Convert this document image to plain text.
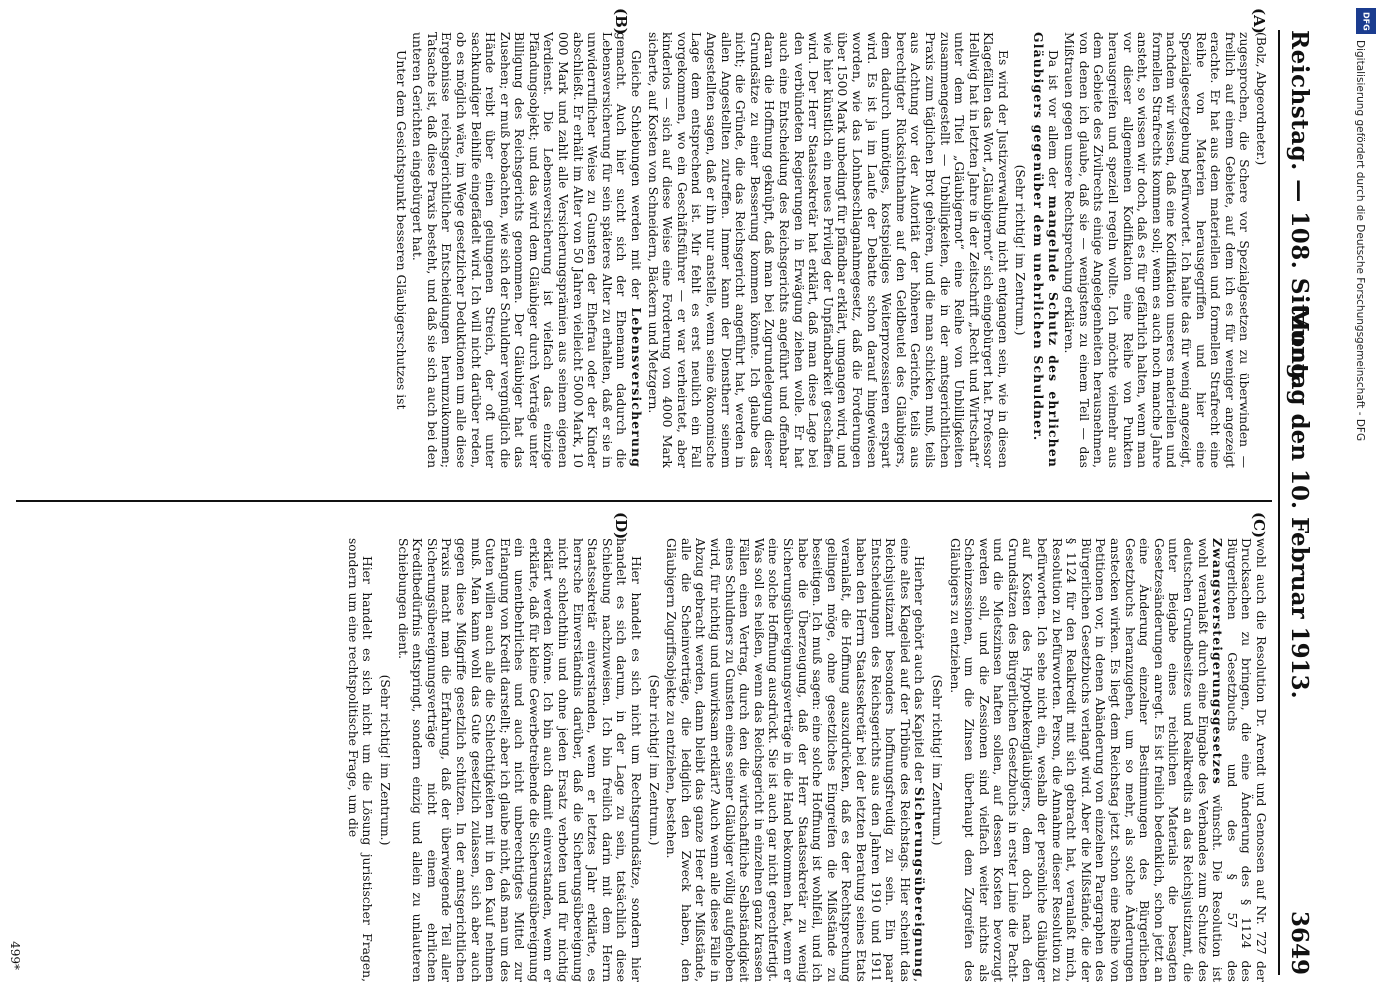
Reichstag. — 108. Sitzung.
Montag den 10. Februar 1913.
3649
(A)
(B)
(C)
(D)

(Bolz, Abgeordneter.)

zugesprochen, die Schere vor Spezialgesetzen zu überwinden — freilich auf einem Gebiete, auf dem ich es für weniger angezeigt erachte. Er hat aus dem materiellen und formellen Strafrecht eine Reihe von Materien herausgegriffen und hier eine Spezialgesetzgebung befürwortet. Ich halte das für wenig angezeigt, nachdem wir wissen, daß eine Kodifikation unseres materiellen und formellen Strafrechts kommen soll; wenn es auch noch manche Jahre ansteht, so wissen wir doch, daß es für gefährlich halten, wenn man vor dieser allgemeinen Kodifikation eine Reihe von Punkten herausgreifen und speziell regeln wollte. Ich möchte vielmehr aus dem Gebiete des Zivilrechts einige Angelegenheiten herausnehmen, von denen ich glaube, daß sie — wenigstens zu einem Teil — das Mißtrauen gegen unsere Rechtsprechung erklären.

Da ist vor allem der mangelnde Schutz des ehrlichen Gläubigers gegenüber dem unehrlichen Schuldner.

(Sehr richtig! im Zentrum.)

Es wird der Justizverwaltung nicht entgangen sein, wie in diesen Klagefällen das Wort „Gläubigernot“ sich eingebürgert hat. Professor Hellwig hat in letzten Jahre in der Zeitschrift „Recht und Wirtschaft“ unter dem Titel „Gläubigernot“ eine Reihe von Unbilligkeiten zusammengestellt — Unbilligkeiten, die in der amtsgerichtlichen Praxis zum täglichen Brot gehören, und die man schicken muß, teils aus Achtung vor der Autorität der höheren Gerichte, teils aus berechtigter Rücksichtnahme auf den Geldbeutel des Gläubigers, dem dadurch unnötiges, kostspieliges Weiterprozessieren erspart wird. Es ist ja im Laufe der Debatte schon darauf hingewiesen worden, wie das Lohnbeschlagnahmegesetz, daß die Forderungen über 1500 Mark unbedingt für pfändbar erklärt, umgangen wird, und wie hier künstlich ein neues Privileg der Unpfändbarkeit geschaffen wird. Der Herr Staatssekretär hat erklärt, daß man diese Lage bei den verbündeten Regierungen in Erwägung ziehen wolle. Er hat auch eine Entscheidung des Reichsgerichts angeführt und offenbar daran die Hoffnung geknüpft, daß man bei Zugrundelegung dieser Grundsätze zu einer Besserung kommen könnte. Ich glaube das nicht; die Gründe, die das Reichsgericht angeführt hat, werden in allen Angestellten zutreffen. Immer kann der Dienstherr seinem Angestellten sagen, daß er ihn nur anstelle, wenn seine ökonomische Lage dem entsprechend ist. Mir fehlt es erst neulich ein Fall vorgekommen, wo ein Geschäftsführer — er war verheiratet, aber kinderlos — sich auf diese Weise eine Forderung von 4000 Mark sicherte, auf Kosten von Schneidern, Bäckern und Metzgern.

Gleiche Schiebungen werden mit der Lebensversicherung gemacht. Auch hier sucht sich der Ehemann dadurch die Lebensversicherung für sein späteres Alter zu erhalten, daß er sie in unwiderruflicher Weise zu Gunsten der Ehefrau oder der Kinder abschließt. Er erhält im Alter von 50 Jahren vielleicht 5000 Mark, 10 000 Mark und zahlt alle Versicherungsprämien aus seinem eigenen Verdienst. Die Lebensversicherung ist vielfach das einzige Pfändungsobjekt; und das wird dem Gläubiger durch Verträge unter Billigung des Reichsgerichts genommen. Der Gläubiger hat das Zusehen; er muß beobachten, wie sich der Schuldner vergnüglich die Hände reibt über einen gelungenen Streich, der oft unter sachkundiger Beihilfe eingefädelt wird. Ich will nicht darüber reden, ob es möglich wäre, im Wege gesetzlicher Deduktionen um alle diese Ergebnisse reichsgerichtlicher Entscheidungen herumzukommen; Tatsache ist, daß diese Praxis besteht, und daß sie sich auch bei den unteren Gerichten eingebürgert hat.

Unter dem Gesichtspunkt besseren Gläubigerschutzes ist

wohl auch die Resolution Dr. Arendt und Genossen auf Nr. 727 der Drucksachen zu bringen, die eine Änderung des § 1124 des Bürgerlichen Gesetzbuchs und des § 57 des Zwangsversteigerungsgesetzes wünscht. Die Resolution ist wohl veranlaßt durch eine Eingabe des Verbandes zum Schutze des deutschen Grundbesitzes und Realkredits an das Reichsjustizamt, die unter Beigabe eines reichlichen Materials die besagten Gesetzesänderungen anregt. Es ist freilich bedenklich, schon jetzt an eine Änderung einzelner Bestimmungen des Bürgerlichen Gesetzbuchs heranzugehen, um so mehr, als solche Änderungen anstecken wirken. Es liegt dem Reichstag jetzt schon eine Reihe von Petitionen vor, in denen Abänderung von einzelnen Paragraphen des Bürgerlichen Gesetzbuchs verlangt wird. Aber die Mißstände, die der § 1124 für den Realkredit mit sich gebracht hat, veranlaßt mich, Resolution zu befürworten. Person, die Annahme dieser Resolution zu befürworten. Ich sehe nicht ein, weshalb der persönliche Gläubiger auf Kosten des Hypothekengläubigers, dem doch nach den Grundsätzen des Bürgerlichen Gesetzbuchs in erster Linie die Pacht- und die Mietszinsen haften sollen, auf dessen Kosten bevorzugt werden soll, und die Zessionen sind vielfach weiter nichts als Scheinzessionen, um die Zinsen überhaupt dem Zugreifen des Gläubigers zu entziehen.

(Sehr richtig! im Zentrum.)

Hierher gehört auch das Kapitel der Sicherungsübereignung, eine altes Klagelied auf der Tribüne des Reichstags. Hier scheint das Reichsjustizamt besonders hoffnungsfreudig zu sein. Ein paar Entscheidungen des Reichsgerichts aus den Jahren 1910 und 1911 haben den Herrn Staatssekretär bei der letzten Beratung seines Etats veranlaßt, die Hoffnung auszudrücken, daß es der Rechtsprechung gelingen möge, ohne gesetzliches Eingreifen die Mißstände zu beseitigen. Ich muß sagen: eine solche Hoffnung ist wohlfeil, und ich habe die Überzeugung, daß der Herr Staatssekretär zu wenig Sicherungsübereignungsverträge in die Hand bekommen hat, wenn er eine solche Hoffnung ausdrückt. Sie ist auch gar nicht gerechtfertigt. Was soll es heißen, wenn das Reichsgericht in einzelnen ganz krassen Fällen einen Vertrag, durch den die wirtschaftliche Selbständigkeit eines Schuldners zu Gunsten eines seiner Gläubiger völlig aufgehoben wird, für nichtig und unwirksam erklärt? Auch wenn alle diese Fälle in Abzug gebracht werden, dann bleibt das ganze Heer der Mißstände, alle die Scheinverträge, die lediglich den Zweck haben, den Gläubigern Zugriffsobjekte zu entziehen, bestehen.

(Sehr richtig! im Zentrum.)

Hier handelt es sich nicht um Rechtsgrundsätze, sondern hier handelt es sich darum, in der Lage zu sein, tatsächlich diese Schiebung nachzuweisen. Ich bin freilich darin mit dem Herrn Staatssekretär einverstanden, wenn er letztes Jahr erklärte, es herrsche Einverständnis darüber, daß die Sicherungsübereignung nicht schlechthin und ohne jeden Ersatz verboten und für nichtig erklärt werden könne. Ich bin auch damit einverstanden, wenn er erklärte, daß für kleine Gewerbetreibende die Sicherungsübereignung ein unentbehrliches und auch nicht unberechtigtes Mittel zur Erlangung von Kredit darstellt; aber ich glaube nicht, daß man um des Guten willen auch alle die Schlechtigkeiten mit in den Kauf nehmen muß. Man kann wohl das Gute gesetzlich zulassen, sich aber auch gegen diese Mißgriffe gesetzlich schützen. In der amtsgerichtlichen Praxis macht man die Erfahrung, daß der überwiegende Teil aller Sicherungsübereignungsverträge nicht einem ehrlichen Kreditbedürfnis entspringt, sondern einzig und allein zu unlauteren Schiebungen dient.

(Sehr richtig! im Zentrum.)

Hier handelt es sich nicht um die Lösung juristischer Fragen, sondern um eine rechtspolitische Frage, um die

499*
DFG
Digitalisierung gefördert durch die Deutsche Forschungsgemeinschaft - DFG
